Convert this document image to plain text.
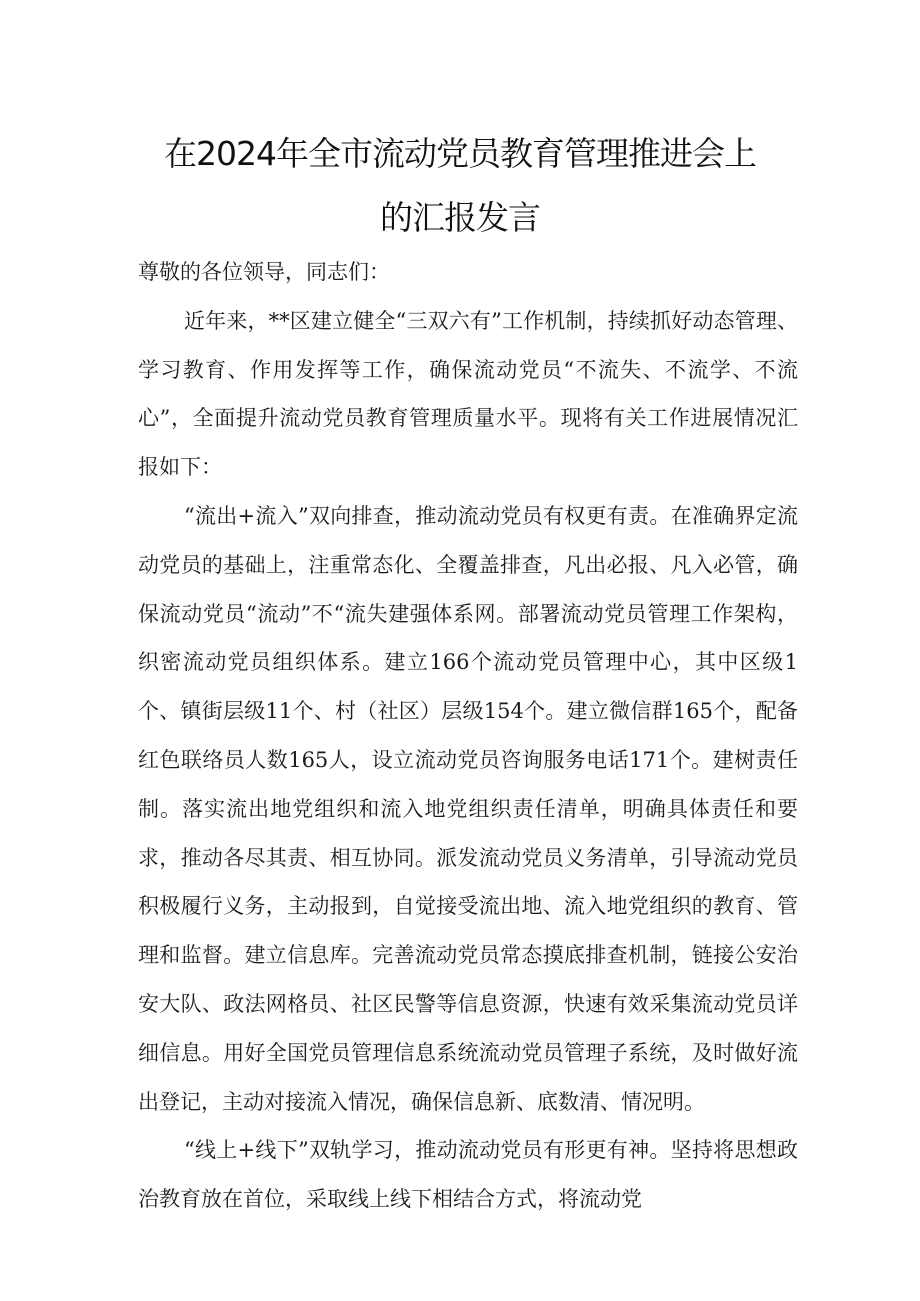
在2024年全市流动党员教育管理推进会上
的汇报发言

尊敬的各位领导，同志们：

近年来，**区建立健全“三双六有”工作机制，持续抓好动态管理、学习教育、作用发挥等工作，确保流动党员“不流失、不流学、不流心”，全面提升流动党员教育管理质量水平。现将有关工作进展情况汇报如下：

“流出+流入”双向排查，推动流动党员有权更有责。在准确界定流动党员的基础上，注重常态化、全覆盖排查，凡出必报、凡入必管，确保流动党员“流动”不“流失建强体系网。部署流动党员管理工作架构，织密流动党员组织体系。建立166个流动党员管理中心，其中区级1个、镇街层级11个、村（社区）层级154个。建立微信群165个，配备红色联络员人数165人，设立流动党员咨询服务电话171个。建树责任制。落实流出地党组织和流入地党组织责任清单，明确具体责任和要求，推动各尽其责、相互协同。派发流动党员义务清单，引导流动党员积极履行义务，主动报到，自觉接受流出地、流入地党组织的教育、管理和监督。建立信息库。完善流动党员常态摸底排查机制，链接公安治安大队、政法网格员、社区民警等信息资源，快速有效采集流动党员详细信息。用好全国党员管理信息系统流动党员管理子系统，及时做好流出登记，主动对接流入情况，确保信息新、底数清、情况明。

“线上+线下”双轨学习，推动流动党员有形更有神。坚持将思想政治教育放在首位，采取线上线下相结合方式，将流动党
